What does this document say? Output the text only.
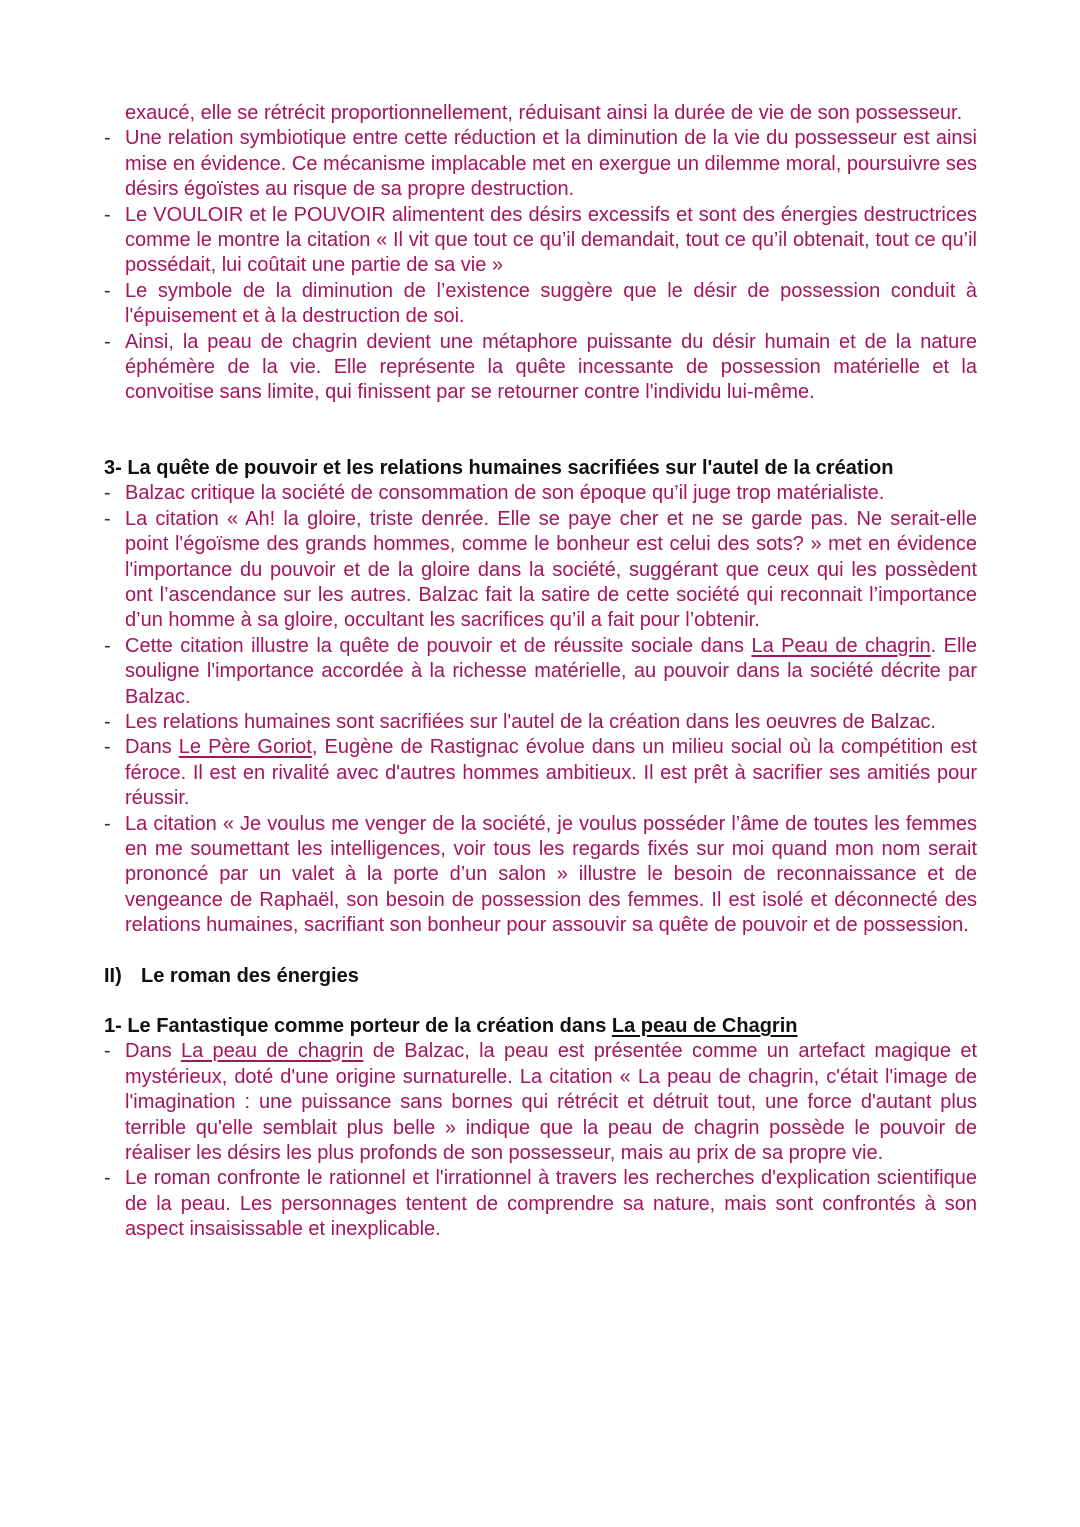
exaucé, elle se rétrécit proportionnellement, réduisant ainsi la durée de vie de son possesseur.

- Une relation symbiotique entre cette réduction et la diminution de la vie du possesseur est ainsi mise en évidence. Ce mécanisme implacable met en exergue un dilemme moral, poursuivre ses désirs égoïstes au risque de sa propre destruction.
- Le VOULOIR et le POUVOIR alimentent des désirs excessifs et sont des énergies destructrices comme le montre la citation « Il vit que tout ce qu’il demandait, tout ce qu’il obtenait, tout ce qu’il possédait, lui coûtait une partie de sa vie »
- Le symbole de la diminution de l’existence suggère que le désir de possession conduit à l'épuisement et à la destruction de soi.
- Ainsi, la peau de chagrin devient une métaphore puissante du désir humain et de la nature éphémère de la vie. Elle représente la quête incessante de possession matérielle et la convoitise sans limite, qui finissent par se retourner contre l'individu lui-même.
3- La quête de pouvoir et les relations humaines sacrifiées sur l'autel de la création
- Balzac critique la société de consommation de son époque qu’il juge trop matérialiste.
- La citation « Ah! la gloire, triste denrée. Elle se paye cher et ne se garde pas. Ne serait-elle point l'égoïsme des grands hommes, comme le bonheur est celui des sots? » met en évidence l'importance du pouvoir et de la gloire dans la société, suggérant que ceux qui les possèdent ont l’ascendance sur les autres. Balzac fait la satire de cette société qui reconnait l’importance d’un homme à sa gloire, occultant les sacrifices qu’il a fait pour l’obtenir.
- Cette citation illustre la quête de pouvoir et de réussite sociale dans La Peau de chagrin. Elle souligne l'importance accordée à la richesse matérielle, au pouvoir dans la société décrite par Balzac.
- Les relations humaines sont sacrifiées sur l'autel de la création dans les oeuvres de Balzac.
- Dans Le Père Goriot, Eugène de Rastignac évolue dans un milieu social où la compétition est féroce. Il est en rivalité avec d'autres hommes ambitieux. Il est prêt à sacrifier ses amitiés pour réussir.
- La citation « Je voulus me venger de la société, je voulus posséder l’âme de toutes les femmes en me soumettant les intelligences, voir tous les regards fixés sur moi quand mon nom serait prononcé par un valet à la porte d’un salon » illustre le besoin de reconnaissance et de vengeance de Raphaël, son besoin de possession des femmes. Il est isolé et déconnecté des relations humaines, sacrifiant son bonheur pour assouvir sa quête de pouvoir et de possession.
II) Le roman des énergies
1- Le Fantastique comme porteur de la création dans La peau de Chagrin
- Dans La peau de chagrin de Balzac, la peau est présentée comme un artefact magique et mystérieux, doté d'une origine surnaturelle. La citation « La peau de chagrin, c'était l'image de l'imagination : une puissance sans bornes qui rétrécit et détruit tout, une force d'autant plus terrible qu'elle semblait plus belle » indique que la peau de chagrin possède le pouvoir de réaliser les désirs les plus profonds de son possesseur, mais au prix de sa propre vie.
- Le roman confronte le rationnel et l'irrationnel à travers les recherches d'explication scientifique de la peau. Les personnages tentent de comprendre sa nature, mais sont confrontés à son aspect insaisissable et inexplicable.
